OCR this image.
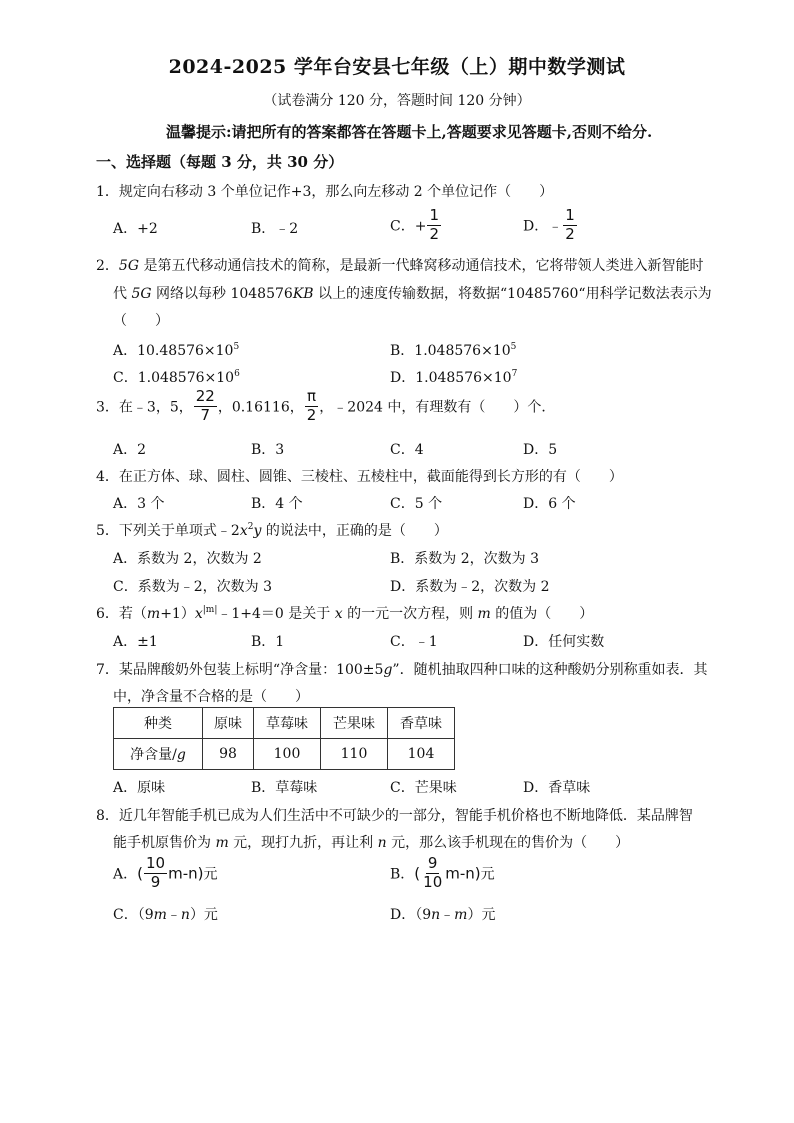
2024-2025 学年台安县七年级（上）期中数学测试
（试卷满分 120 分，答题时间 120 分钟）
温馨提示:请把所有的答案都答在答题卡上,答题要求见答题卡,否则不给分.
一、选择题（每题 3 分，共 30 分）
1．规定向右移动 3 个单位记作+3，那么向左移动 2 个单位记作（　　）
A．+2	B．﹣2	C．+ $\frac{1}{2}$	D．﹣ $\frac{1}{2}$
2．5G 是第五代移动通信技术的简称，是最新一代蜂窝移动通信技术，它将带领人类进入新智能时
代 5G 网络以每秒 1048576KB 以上的速度传输数据，将数据“10485760“用科学记数法表示为
（　　）
A．$10.48576\times 10^5$	B．$1.048576\times 10^5$
C．$1.048576\times 10^6$	D．$1.048576\times 10^7$
3．在﹣3，5， $\frac{22}{7}$ ，0.16116， $\frac{\pi}{2}$ ，﹣2024 中，有理数有（　　）个．
A．2	B．3	C．4	D．5
4．在正方体、球、圆柱、圆锥、三棱柱、五棱柱中，截面能得到长方形的有（　　）
A．3 个	B．4 个	C．5 个	D．6 个
5．下列关于单项式$﹣2x^2y$ 的说法中，正确的是（　　）
A．系数为 2，次数为 2	B．系数为 2，次数为 3
C．系数为﹣2，次数为 3	D．系数为﹣2，次数为 2
6．若$(m+1)x^{|m|}﹣1+4=0$ 是关于 x 的一元一次方程，则 m 的值为（　　）
A．±1	B．1	C．﹣1	D．任何实数
7．某品牌酸奶外包装上标明“净含量：100±5g”．随机抽取四种口味的这种酸奶分别称重如表．其
中，净含量不合格的是（　　）
种类	原味	草莓味	芒果味	香草味
净含量/g	98	100	110	104
A．原味	B．草莓味	C．芒果味	D．香草味
8．近几年智能手机已成为人们生活中不可缺少的一部分，智能手机价格也不断地降低．某品牌智
能手机原售价为 m 元，现打九折，再让利 n 元，那么该手机现在的售价为（　　）
A．( $\frac{10}{9} m-n$)元	B．( $\frac{9}{10} m-n$)元
C．（9m﹣n）元	D．（9n﹣m）元
